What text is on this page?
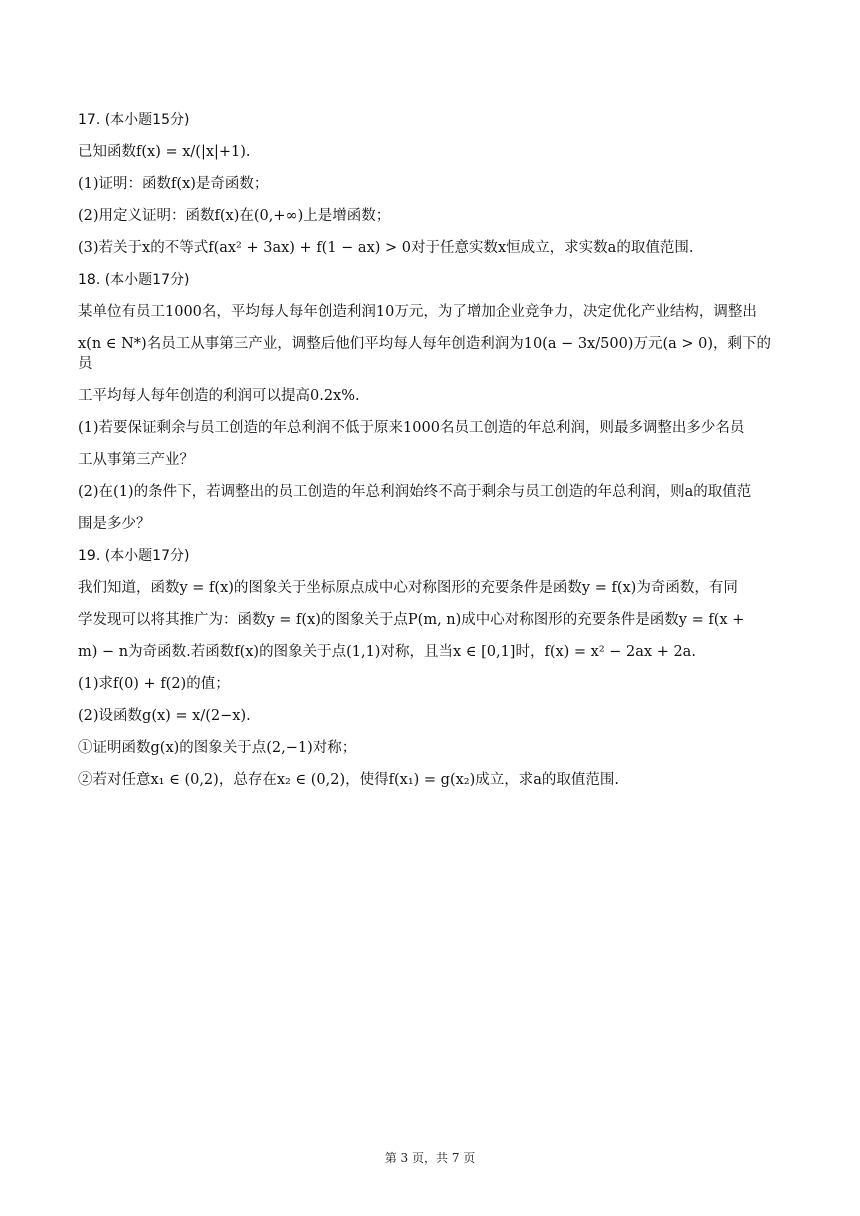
17. (本小题15分)
已知函数f(x) = x/(|x|+1).
(1)证明：函数f(x)是奇函数；
(2)用定义证明：函数f(x)在(0,+∞)上是增函数；
(3)若关于x的不等式f(ax² + 3ax) + f(1 − ax) > 0对于任意实数x恒成立，求实数a的取值范围.
18. (本小题17分)
某单位有员工1000名，平均每人每年创造利润10万元，为了增加企业竞争力，决定优化产业结构，调整出
x(n ∈ N*)名员工从事第三产业，调整后他们平均每人每年创造利润为10(a − 3x/500)万元(a > 0)，剩下的员
工平均每人每年创造的利润可以提高0.2x%.
(1)若要保证剩余与员工创造的年总利润不低于原来1000名员工创造的年总利润，则最多调整出多少名员
工从事第三产业？
(2)在(1)的条件下，若调整出的员工创造的年总利润始终不高于剩余与员工创造的年总利润，则a的取值范
围是多少？
19. (本小题17分)
我们知道，函数y = f(x)的图象关于坐标原点成中心对称图形的充要条件是函数y = f(x)为奇函数，有同
学发现可以将其推广为：函数y = f(x)的图象关于点P(m, n)成中心对称图形的充要条件是函数y = f(x +
m) − n为奇函数.若函数f(x)的图象关于点(1,1)对称，且当x ∈ [0,1]时，f(x) = x² − 2ax + 2a.
(1)求f(0) + f(2)的值；
(2)设函数g(x) = x/(2−x).
①证明函数g(x)的图象关于点(2,−1)对称；
②若对任意x₁ ∈ (0,2)，总存在x₂ ∈ (0,2)，使得f(x₁) = g(x₂)成立，求a的取值范围.
第 3 页，共 7 页
